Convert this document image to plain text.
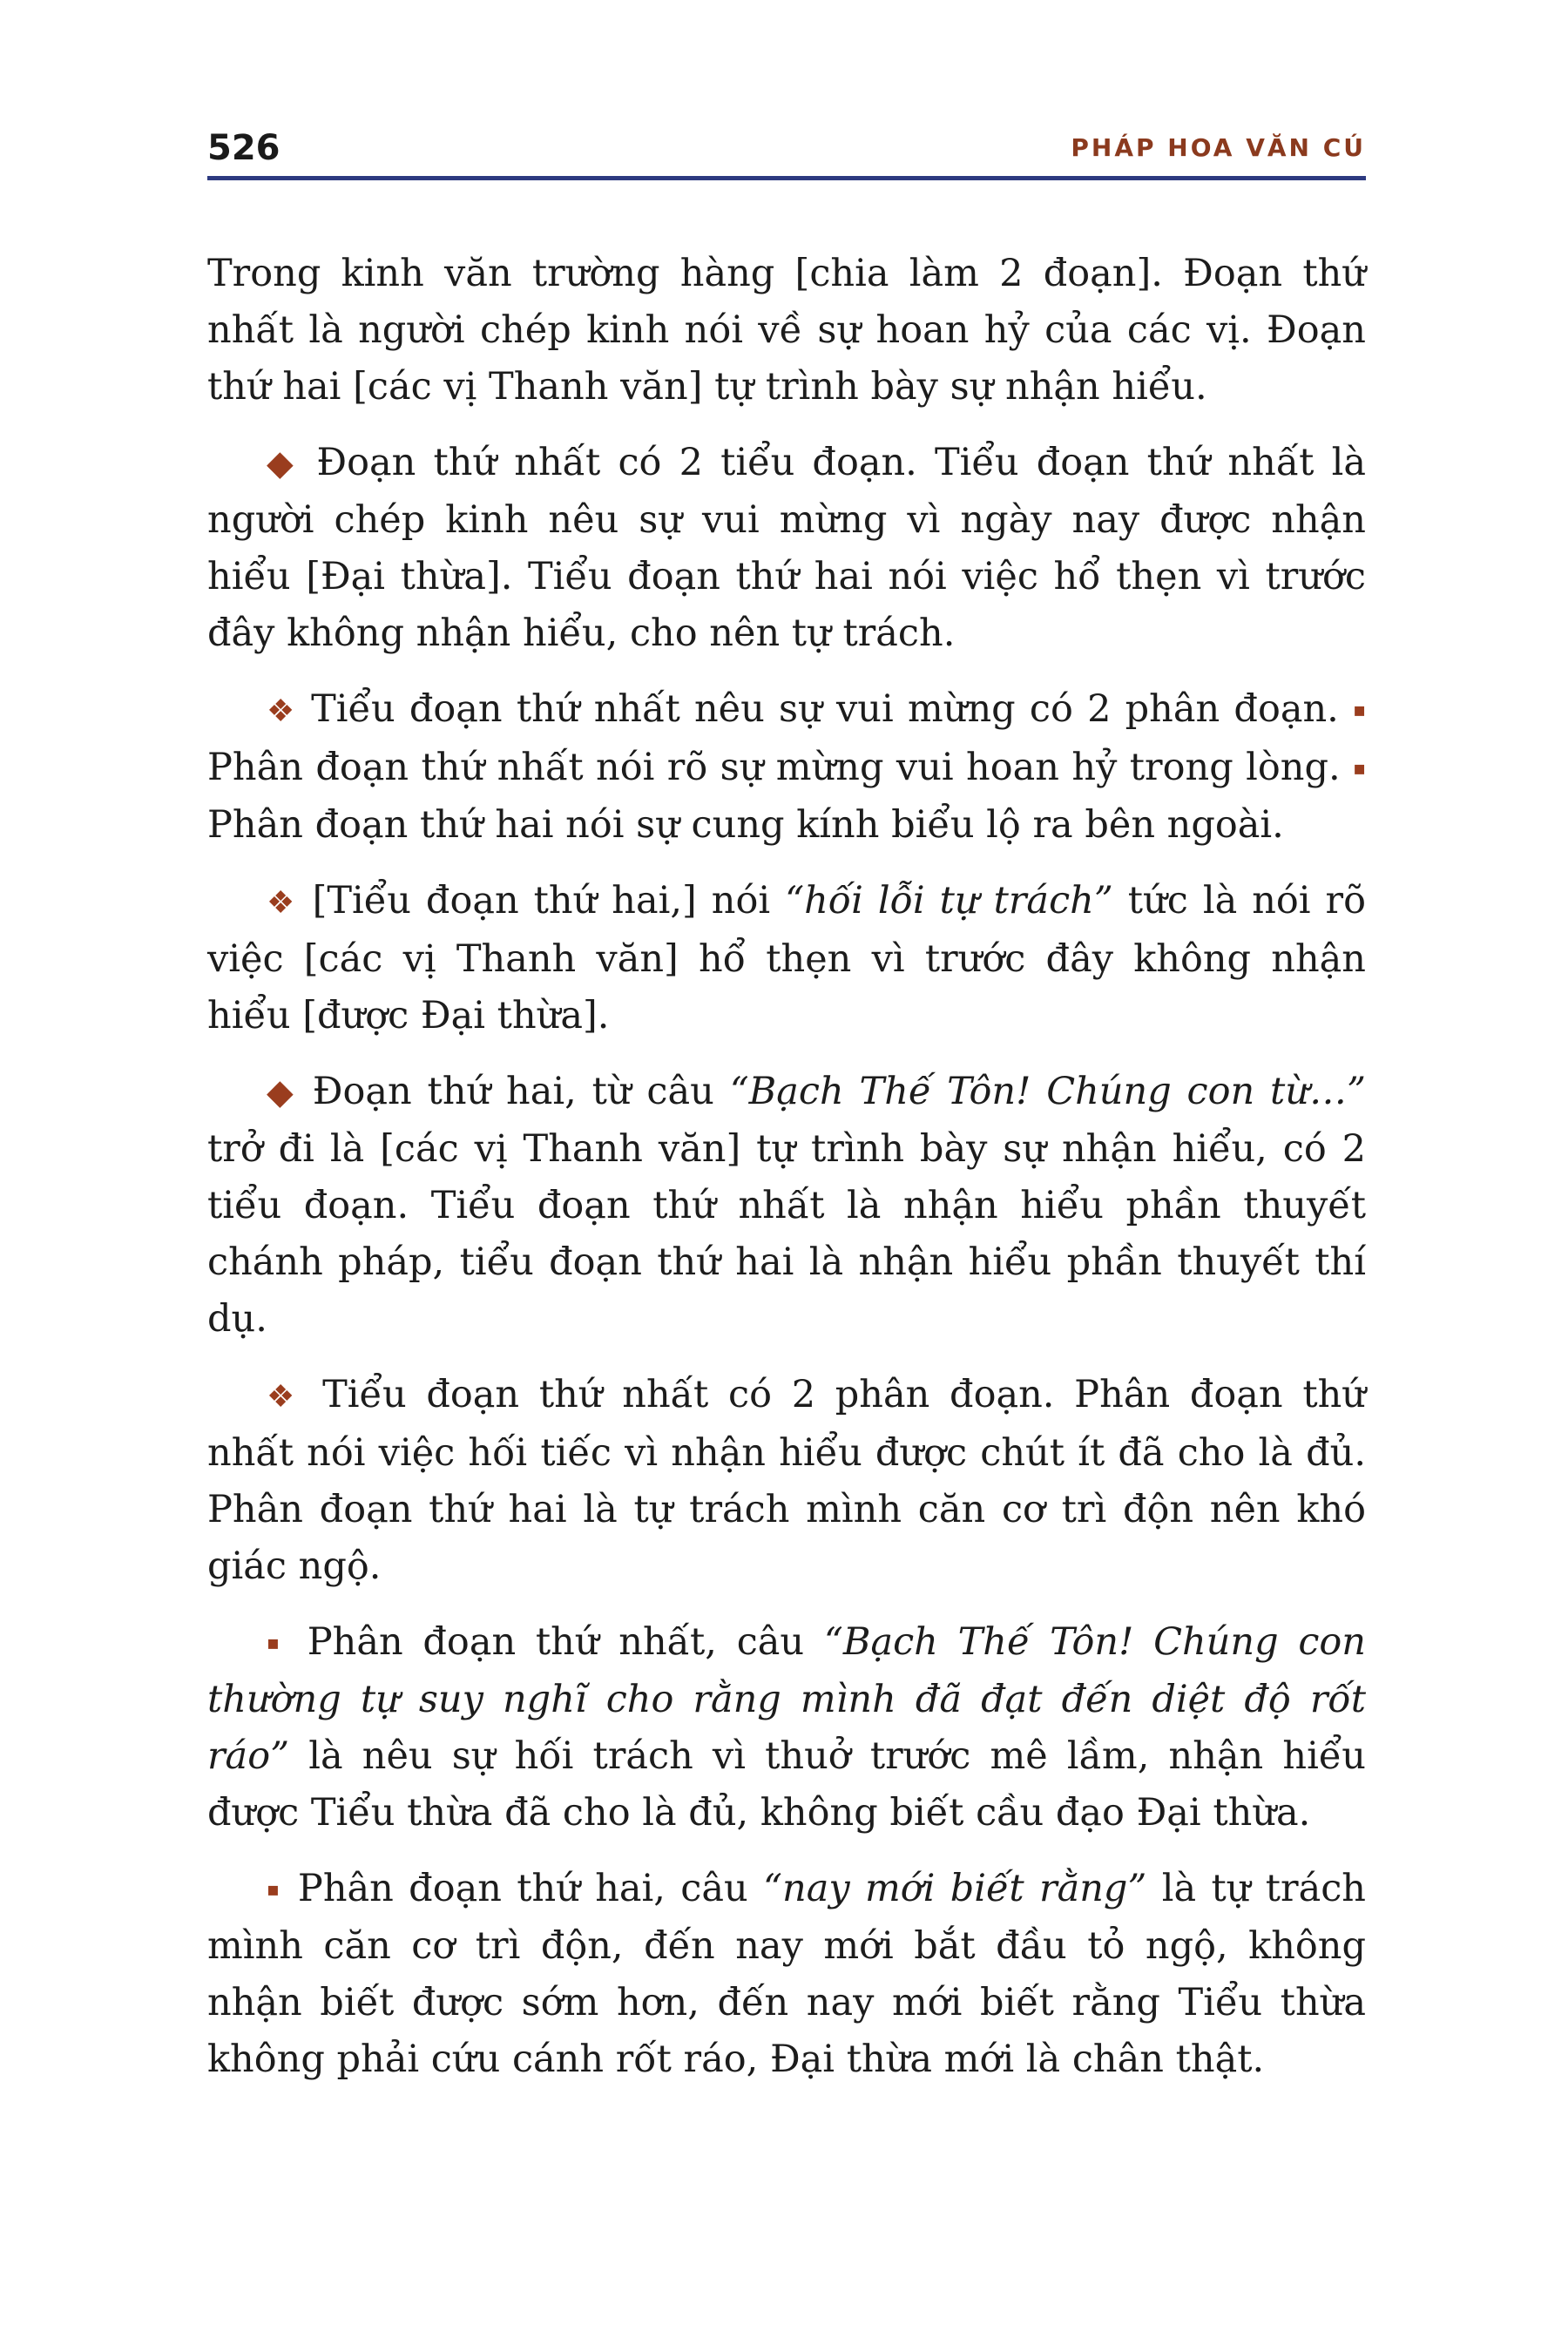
526	PHÁP HOA VĂN CÚ

Trong kinh văn trường hàng [chia làm 2 đoạn]. Đoạn thứ nhất là người chép kinh nói về sự hoan hỷ của các vị. Đoạn thứ hai [các vị Thanh văn] tự trình bày sự nhận hiểu.

◆ Đoạn thứ nhất có 2 tiểu đoạn. Tiểu đoạn thứ nhất là người chép kinh nêu sự vui mừng vì ngày nay được nhận hiểu [Đại thừa]. Tiểu đoạn thứ hai nói việc hổ thẹn vì trước đây không nhận hiểu, cho nên tự trách.

❖ Tiểu đoạn thứ nhất nêu sự vui mừng có 2 phân đoạn. ▪ Phân đoạn thứ nhất nói rõ sự mừng vui hoan hỷ trong lòng. ▪ Phân đoạn thứ hai nói sự cung kính biểu lộ ra bên ngoài.

❖ [Tiểu đoạn thứ hai,] nói “hối lỗi tự trách” tức là nói rõ việc [các vị Thanh văn] hổ thẹn vì trước đây không nhận hiểu [được Đại thừa].

◆ Đoạn thứ hai, từ câu “Bạch Thế Tôn! Chúng con từ…” trở đi là [các vị Thanh văn] tự trình bày sự nhận hiểu, có 2 tiểu đoạn. Tiểu đoạn thứ nhất là nhận hiểu phần thuyết chánh pháp, tiểu đoạn thứ hai là nhận hiểu phần thuyết thí dụ.

❖ Tiểu đoạn thứ nhất có 2 phân đoạn. Phân đoạn thứ nhất nói việc hối tiếc vì nhận hiểu được chút ít đã cho là đủ. Phân đoạn thứ hai là tự trách mình căn cơ trì độn nên khó giác ngộ.

▪ Phân đoạn thứ nhất, câu “Bạch Thế Tôn! Chúng con thường tự suy nghĩ cho rằng mình đã đạt đến diệt độ rốt ráo” là nêu sự hối trách vì thuở trước mê lầm, nhận hiểu được Tiểu thừa đã cho là đủ, không biết cầu đạo Đại thừa.

▪ Phân đoạn thứ hai, câu “nay mới biết rằng” là tự trách mình căn cơ trì độn, đến nay mới bắt đầu tỏ ngộ, không nhận biết được sớm hơn, đến nay mới biết rằng Tiểu thừa không phải cứu cánh rốt ráo, Đại thừa mới là chân thật.
